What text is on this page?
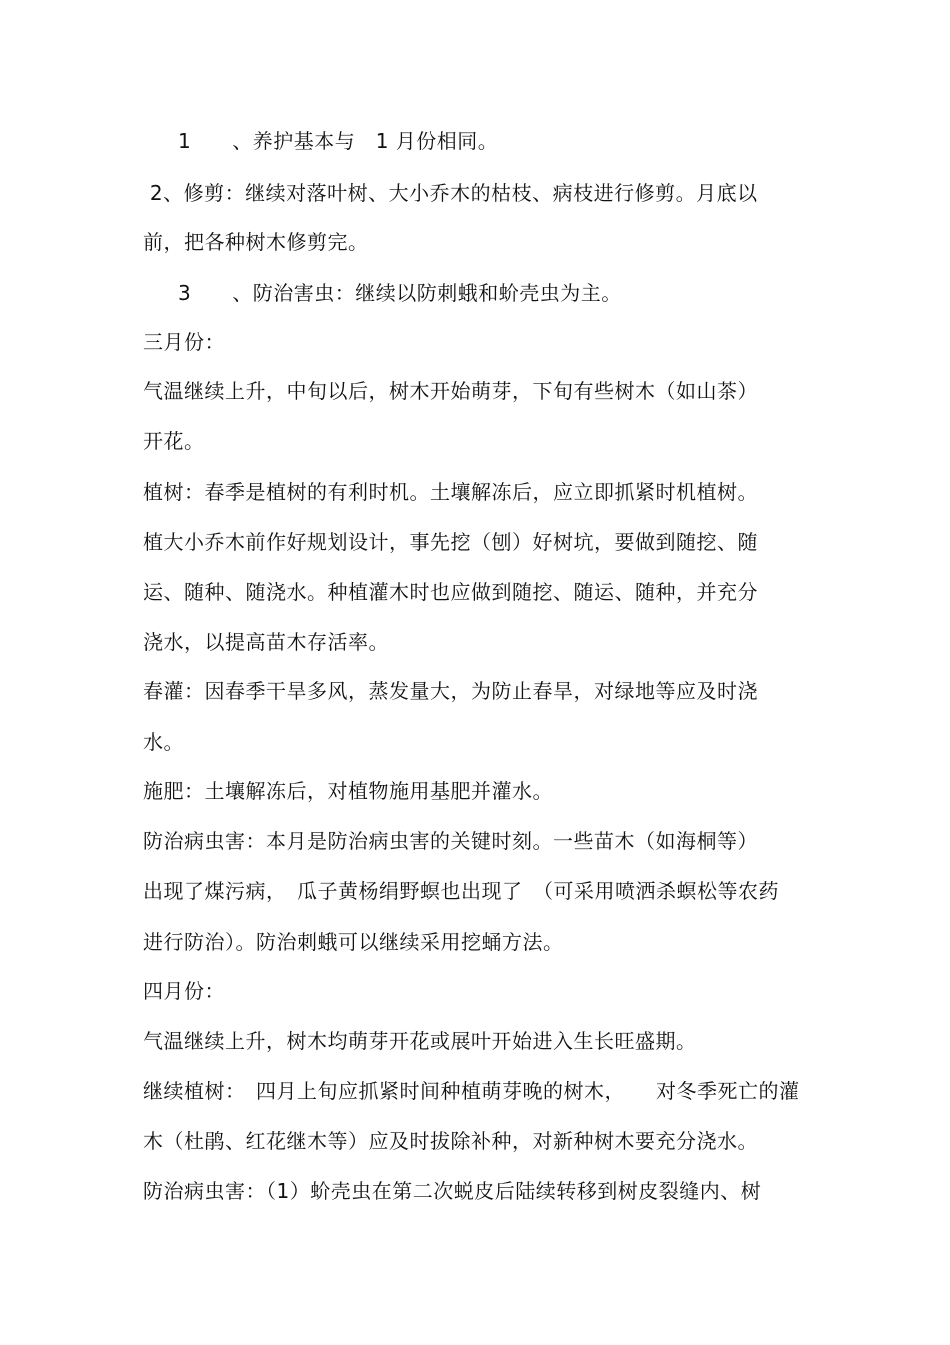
1　　、养护基本与　1 月份相同。
2、修剪：继续对落叶树、大小乔木的枯枝、病枝进行修剪。月底以
前，把各种树木修剪完。
3　　、防治害虫：继续以防刺蛾和蚧壳虫为主。
三月份：
气温继续上升，中旬以后，树木开始萌芽，下旬有些树木（如山茶）
开花。
植树：春季是植树的有利时机。土壤解冻后，应立即抓紧时机植树。
植大小乔木前作好规划设计，事先挖（刨）好树坑，要做到随挖、随
运、随种、随浇水。种植灌木时也应做到随挖、随运、随种，并充分
浇水，以提高苗木存活率。
春灌：因春季干旱多风，蒸发量大，为防止春旱，对绿地等应及时浇
水。
施肥：土壤解冻后，对植物施用基肥并灌水。
防治病虫害：本月是防治病虫害的关键时刻。一些苗木（如海桐等）
出现了煤污病，　瓜子黄杨绢野螟也出现了　（可采用喷洒杀螟松等农药
进行防治）。防治刺蛾可以继续采用挖蛹方法。
四月份：
气温继续上升，树木均萌芽开花或展叶开始进入生长旺盛期。
继续植树：　四月上旬应抓紧时间种植萌芽晚的树木，　　对冬季死亡的灌
木（杜鹃、红花继木等）应及时拔除补种，对新种树木要充分浇水。
防治病虫害：（1）蚧壳虫在第二次蜕皮后陆续转移到树皮裂缝内、树
